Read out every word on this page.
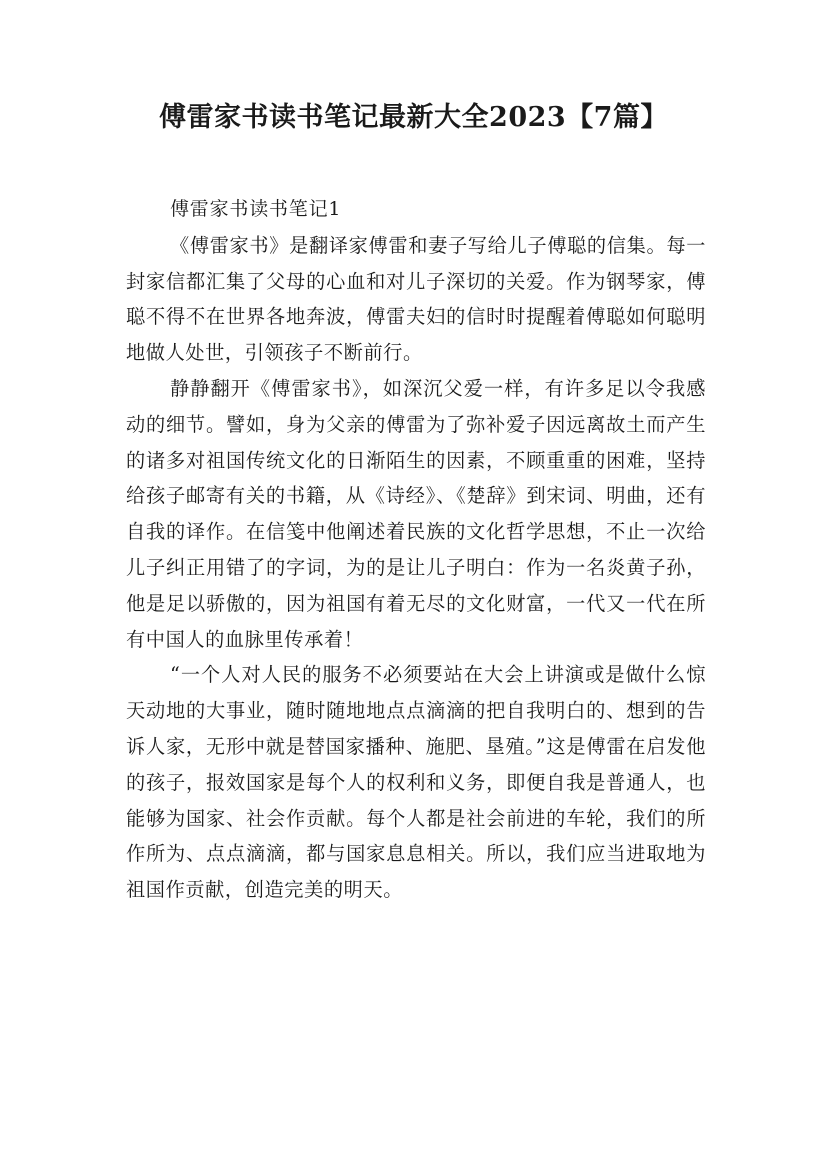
傅雷家书读书笔记最新大全2023【7篇】

傅雷家书读书笔记1

《傅雷家书》是翻译家傅雷和妻子写给儿子傅聪的信集。每一封家信都汇集了父母的心血和对儿子深切的关爱。作为钢琴家，傅聪不得不在世界各地奔波，傅雷夫妇的信时时提醒着傅聪如何聪明地做人处世，引领孩子不断前行。

静静翻开《傅雷家书》，如深沉父爱一样，有许多足以令我感动的细节。譬如，身为父亲的傅雷为了弥补爱子因远离故土而产生的诸多对祖国传统文化的日渐陌生的因素，不顾重重的困难，坚持给孩子邮寄有关的书籍，从《诗经》、《楚辞》到宋词、明曲，还有自我的译作。在信笺中他阐述着民族的文化哲学思想，不止一次给儿子纠正用错了的字词，为的是让儿子明白：作为一名炎黄子孙，他是足以骄傲的，因为祖国有着无尽的文化财富，一代又一代在所有中国人的血脉里传承着！

“一个人对人民的服务不必须要站在大会上讲演或是做什么惊天动地的大事业，随时随地地点点滴滴的把自我明白的、想到的告诉人家，无形中就是替国家播种、施肥、垦殖。”这是傅雷在启发他的孩子，报效国家是每个人的权利和义务，即便自我是普通人，也能够为国家、社会作贡献。每个人都是社会前进的车轮，我们的所作所为、点点滴滴，都与国家息息相关。所以，我们应当进取地为祖国作贡献，创造完美的明天。
